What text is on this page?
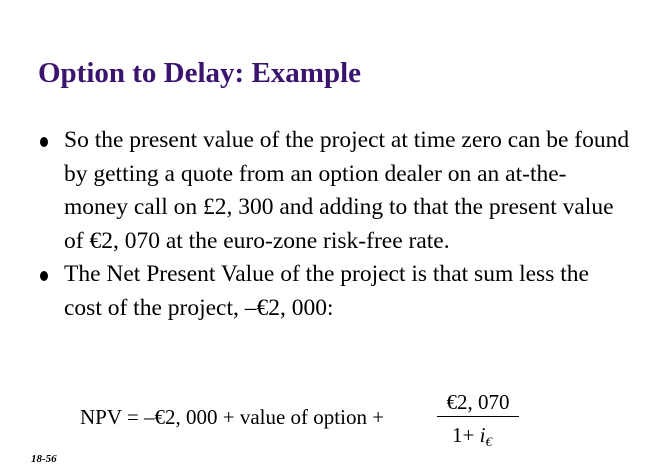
Option to Delay: Example
So the present value of the project at time zero can be found by getting a quote from an option dealer on an at-the-money call on £2, 300 and adding to that the present value of €2, 070 at the euro-zone risk-free rate.
The Net Present Value of the project is that sum less the cost of the project, –€2, 000:
NPV = –€2, 000 + value of option +
€2, 070
$1+ i_€$
18-56
